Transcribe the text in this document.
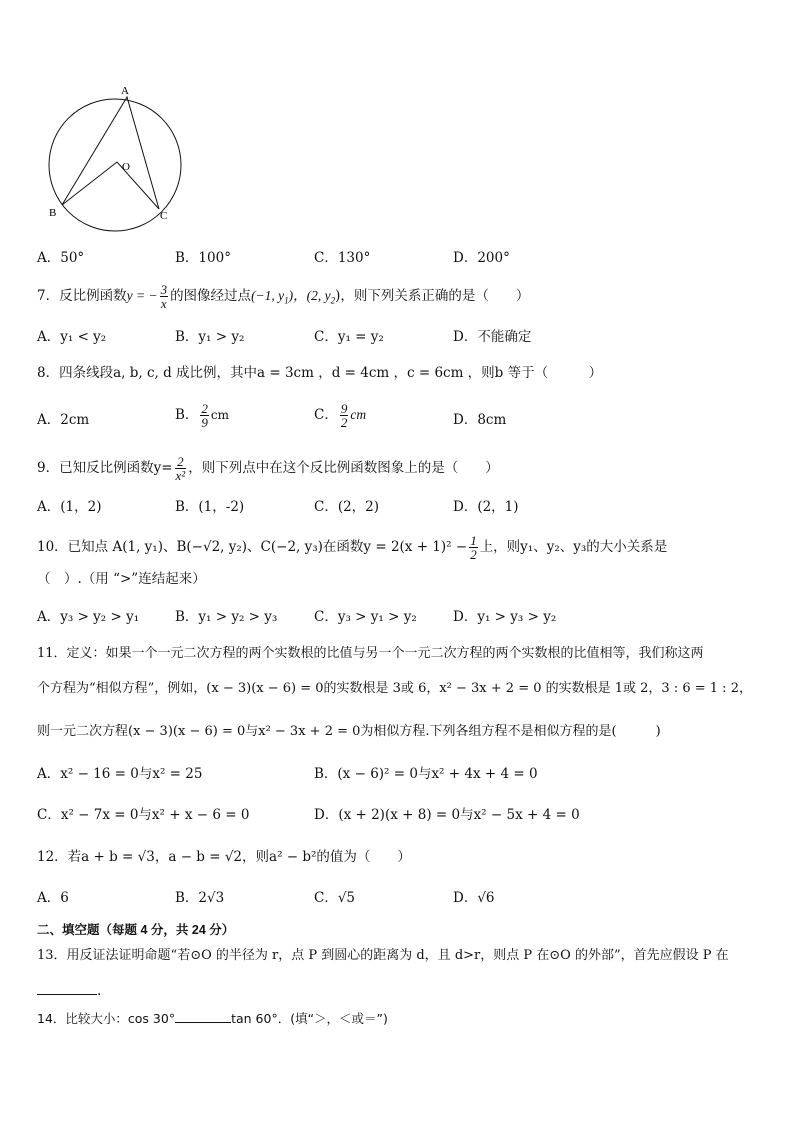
A
B	C
O
A．50°	B．100°	C．130°	D．200°
7．反比例函数y = − $\frac{3}{x}$ 的图像经过点(−1, $y_1$)，(2, $y_2$)，则下列关系正确的是（　　）
A．y₁ < y₂	B．y₁ > y₂	C．y₁ = y₂	D．不能确定
8．四条线段a, b, c, d 成比例，其中a = 3cm ，d = 4cm ，c = 6cm ，则b 等于（　　　）
A．2cm	B． $\frac{2}{9}$ cm	C． $\frac{9}{2}$ cm	D．8cm
9．已知反比例函数$y= \frac{2}{\text{x²}}$ ，则下列点中在这个反比例函数图象上的是（　　）
A．(1，2)	B．(1，-2)	C．(2，2)	D．(2，1)
10．已知点 A(1, y₁)、B(−√2, y₂)、C(−2, y₃)在函数$y = 2(x + 1)^2 - \frac{1}{2}$ 上，则y₁、y₂、y₃的大小关系是
（　）.（用 “>”连结起来）
A．y₃ > y₂ > y₁	B．y₁ > y₂ > y₃	C．y₃ > y₁ > y₂	D．y₁ > y₃ > y₂
11．定义：如果一个一元二次方程的两个实数根的比值与另一个一元二次方程的两个实数根的比值相等，我们称这两
个方程为“相似方程”，例如，(x − 3)(x − 6) = 0的实数根是 3或 6，x² − 3x + 2 = 0 的实数根是 1或 2，3 : 6 = 1 : 2，
则一元二次方程(x − 3)(x − 6) = 0与x² − 3x + 2 = 0为相似方程.下列各组方程不是相似方程的是(　　　)
A．x² − 16 = 0与x² = 25	B．(x − 6)² = 0与x² + 4x + 4 = 0
C．x² − 7x = 0与x² + x − 6 = 0	D．(x + 2)(x + 8) = 0与x² − 5x + 4 = 0
12．若a + b = √3，a − b = √2，则a² − b²的值为（　　）
A．6	B．2√3	C．√5	D．√6
二、填空题（每题 4 分，共 24 分）
13．用反证法证明命题“若⊙O 的半径为 r，点 P 到圆心的距离为 d，且 d>r，则点 P 在⊙O 的外部”，首先应假设 P 在
.
14．比较大小：cos 30°	tan 60°．(填“＞，＜或＝”)
